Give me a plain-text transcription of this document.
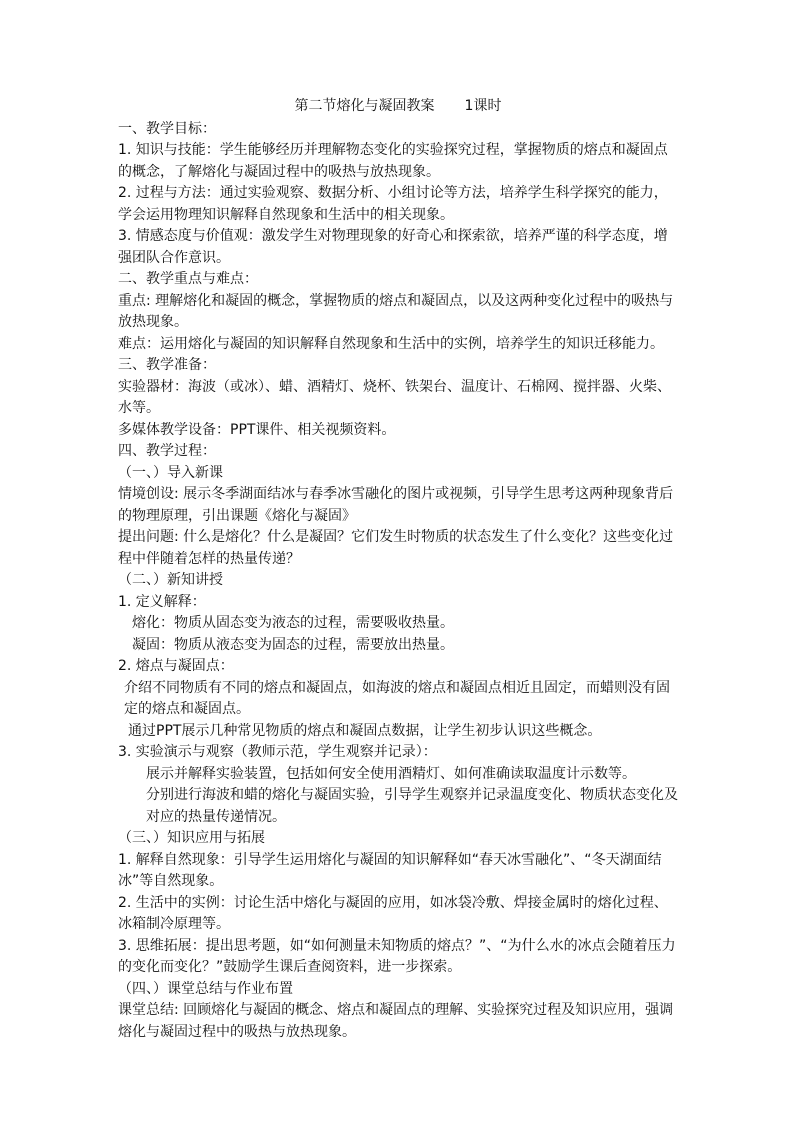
第二节熔化与凝固教案 1课时

一、教学目标：

1. 知识与技能：学生能够经历并理解物态变化的实验探究过程，掌握物质的熔点和凝固点的概念，了解熔化与凝固过程中的吸热与放热现象。

2. 过程与方法：通过实验观察、数据分析、小组讨论等方法，培养学生科学探究的能力，学会运用物理知识解释自然现象和生活中的相关现象。

3. 情感态度与价值观：激发学生对物理现象的好奇心和探索欲，培养严谨的科学态度，增强团队合作意识。

二、教学重点与难点：

重点: 理解熔化和凝固的概念，掌握物质的熔点和凝固点，以及这两种变化过程中的吸热与放热现象。

难点：运用熔化与凝固的知识解释自然现象和生活中的实例，培养学生的知识迁移能力。

三、教学准备：

实验器材：海波（或冰）、蜡、酒精灯、烧杯、铁架台、温度计、石棉网、搅拌器、火柴、水等。

多媒体教学设备：PPT课件、相关视频资料。

四、教学过程：

（一、）导入新课

情境创设: 展示冬季湖面结冰与春季冰雪融化的图片或视频，引导学生思考这两种现象背后的物理原理，引出课题《熔化与凝固》

提出问题: 什么是熔化？什么是凝固？它们发生时物质的状态发生了什么变化？这些变化过程中伴随着怎样的热量传递？

（二、）新知讲授

1. 定义解释：

熔化：物质从固态变为液态的过程，需要吸收热量。

凝固：物质从液态变为固态的过程，需要放出热量。

2. 熔点与凝固点：

介绍不同物质有不同的熔点和凝固点，如海波的熔点和凝固点相近且固定，而蜡则没有固定的熔点和凝固点。

通过PPT展示几种常见物质的熔点和凝固点数据，让学生初步认识这些概念。

3. 实验演示与观察（教师示范，学生观察并记录）：

展示并解释实验装置，包括如何安全使用酒精灯、如何准确读取温度计示数等。

分别进行海波和蜡的熔化与凝固实验，引导学生观察并记录温度变化、物质状态变化及对应的热量传递情况。

（三、）知识应用与拓展

1. 解释自然现象：引导学生运用熔化与凝固的知识解释如“春天冰雪融化”、“冬天湖面结冰”等自然现象。

2. 生活中的实例：讨论生活中熔化与凝固的应用，如冰袋冷敷、焊接金属时的熔化过程、冰箱制冷原理等。

3. 思维拓展：提出思考题，如“如何测量未知物质的熔点？”、“为什么水的冰点会随着压力的变化而变化？”鼓励学生课后查阅资料，进一步探索。

（四、）课堂总结与作业布置

课堂总结: 回顾熔化与凝固的概念、熔点和凝固点的理解、实验探究过程及知识应用，强调熔化与凝固过程中的吸热与放热现象。
